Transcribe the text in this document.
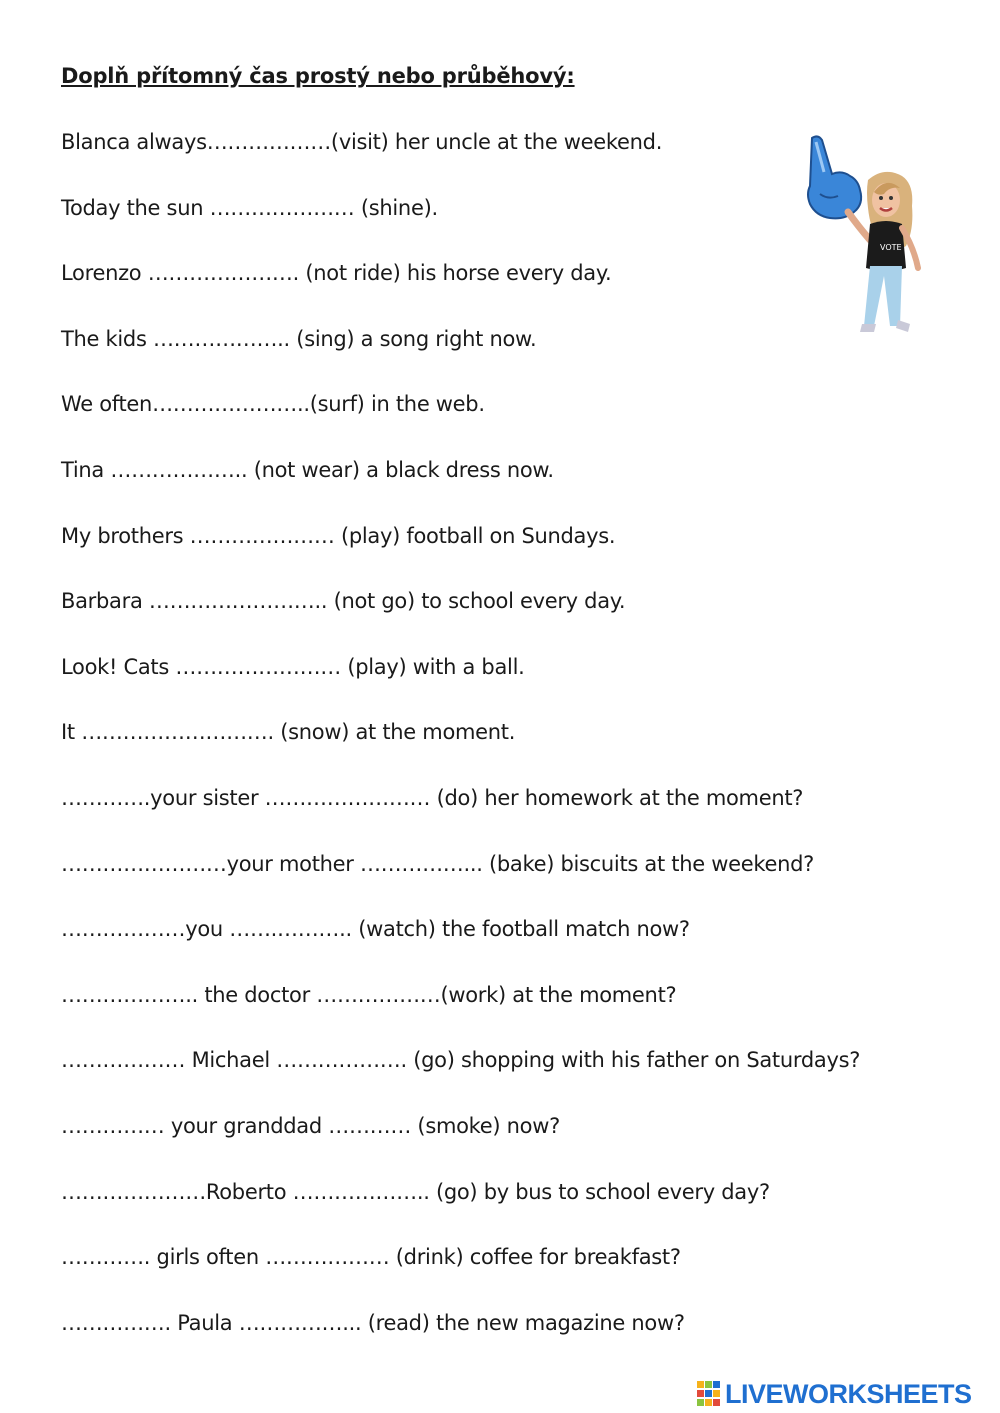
Doplň přítomný čas prostý nebo průběhový:
Blanca always………………(visit) her uncle at the weekend.
Today the sun ………………… (shine).
Lorenzo …………………. (not ride) his horse every day.
The kids ……………….. (sing) a song right now.
We often…………………..(surf) in the web.
Tina ……………….. (not wear) a black dress now.
My brothers ………………… (play) football on Sundays.
Barbara …………………….. (not go) to school every day.
Look! Cats …………………… (play) with a ball.
It ………………………. (snow) at the moment.
………….your sister …………………… (do) her homework at the moment?
……………………your mother ……………... (bake) biscuits at the weekend?
………………you …….……….. (watch) the football match now?
……………….. the doctor ………………(work) at the moment?
……………… Michael ………………. (go) shopping with his father on Saturdays?
…………… your granddad ………… (smoke) now?
…………………Roberto ……………….. (go) by bus to school every day?
…………. girls often ……………… (drink) coffee for breakfast?
……………. Paula ……………... (read) the new magazine now?
VOTE
LIVEWORKSHEETS
